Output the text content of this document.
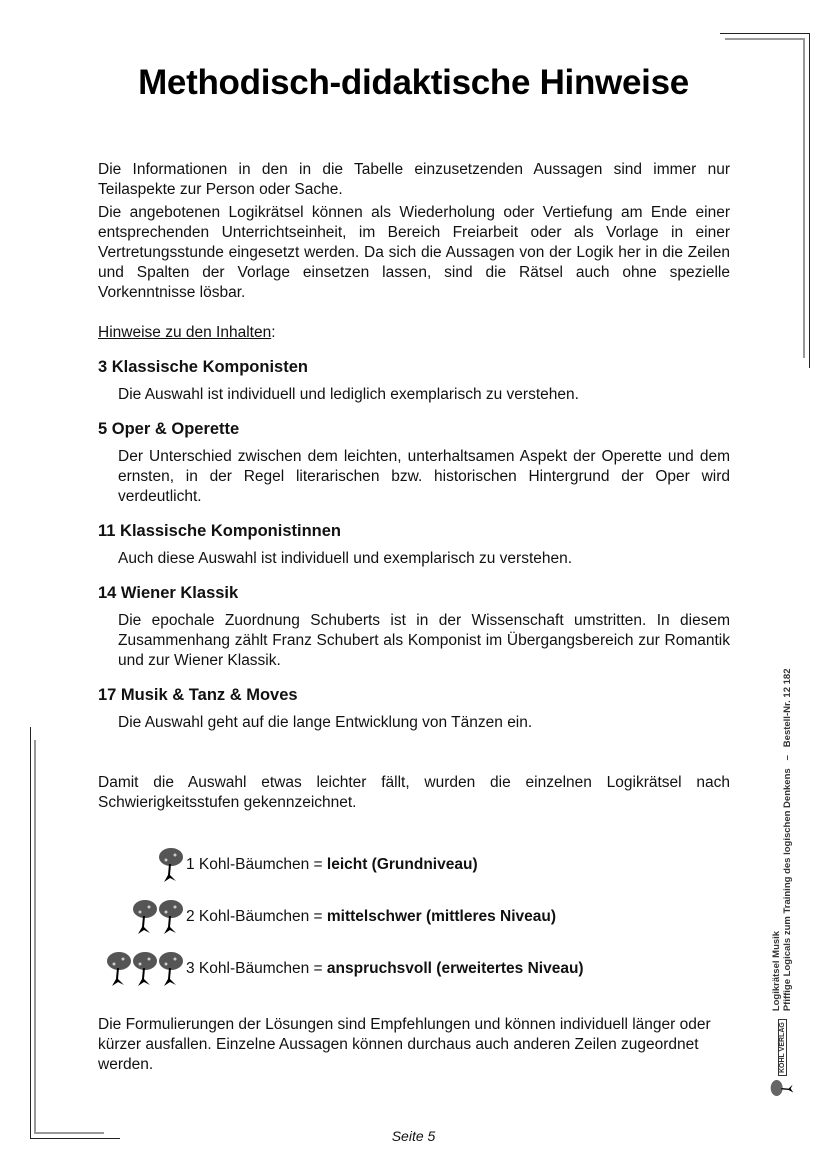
Methodisch-didaktische Hinweise

Die Informationen in den in die Tabelle einzusetzenden Aussagen sind immer nur Teilaspekte zur Person oder Sache.

Die angebotenen Logikrätsel können als Wiederholung oder Vertiefung am Ende einer entsprechenden Unterrichtseinheit, im Bereich Freiarbeit oder als Vorlage in einer Vertretungsstunde eingesetzt werden. Da sich die Aussagen von der Logik her in die Zeilen und Spalten der Vorlage einsetzen lassen, sind die Rätsel auch ohne spezielle Vorkenntnisse lösbar.

Hinweise zu den Inhalten:

3 Klassische Komponisten

Die Auswahl ist individuell und lediglich exemplarisch zu verstehen.

5 Oper & Operette

Der Unterschied zwischen dem leichten, unterhaltsamen Aspekt der Operette und dem ernsten, in der Regel literarischen bzw. historischen Hintergrund der Oper wird verdeutlicht.

11 Klassische Komponistinnen

Auch diese Auswahl ist individuell und exemplarisch zu verstehen.

14 Wiener Klassik

Die epochale Zuordnung Schuberts ist in der Wissenschaft umstritten. In diesem Zusammenhang zählt Franz Schubert als Komponist im Übergangsbereich zur Romantik und zur Wiener Klassik.

17 Musik & Tanz & Moves

Die Auswahl geht auf die lange Entwicklung von Tänzen ein.

Damit die Auswahl etwas leichter fällt, wurden die einzelnen Logikrätsel nach Schwierigkeitsstufen gekennzeichnet.

1 Kohl-Bäumchen =
leicht (Grundniveau)
2 Kohl-Bäumchen =
mittelschwer (mittleres Niveau)
3 Kohl-Bäumchen =
anspruchsvoll (erweitertes Niveau)

Die Formulierungen der Lösungen sind Empfehlungen und können individuell länger oder kürzer ausfallen. Einzelne Aussagen können durchaus auch anderen Zeilen zugeordnet werden.

Seite 5
KOHL VERLAG
Logikrätsel Musik Pfiffige Logicals zum Training des logischen Denkens   –   Bestell-Nr. 12 182
